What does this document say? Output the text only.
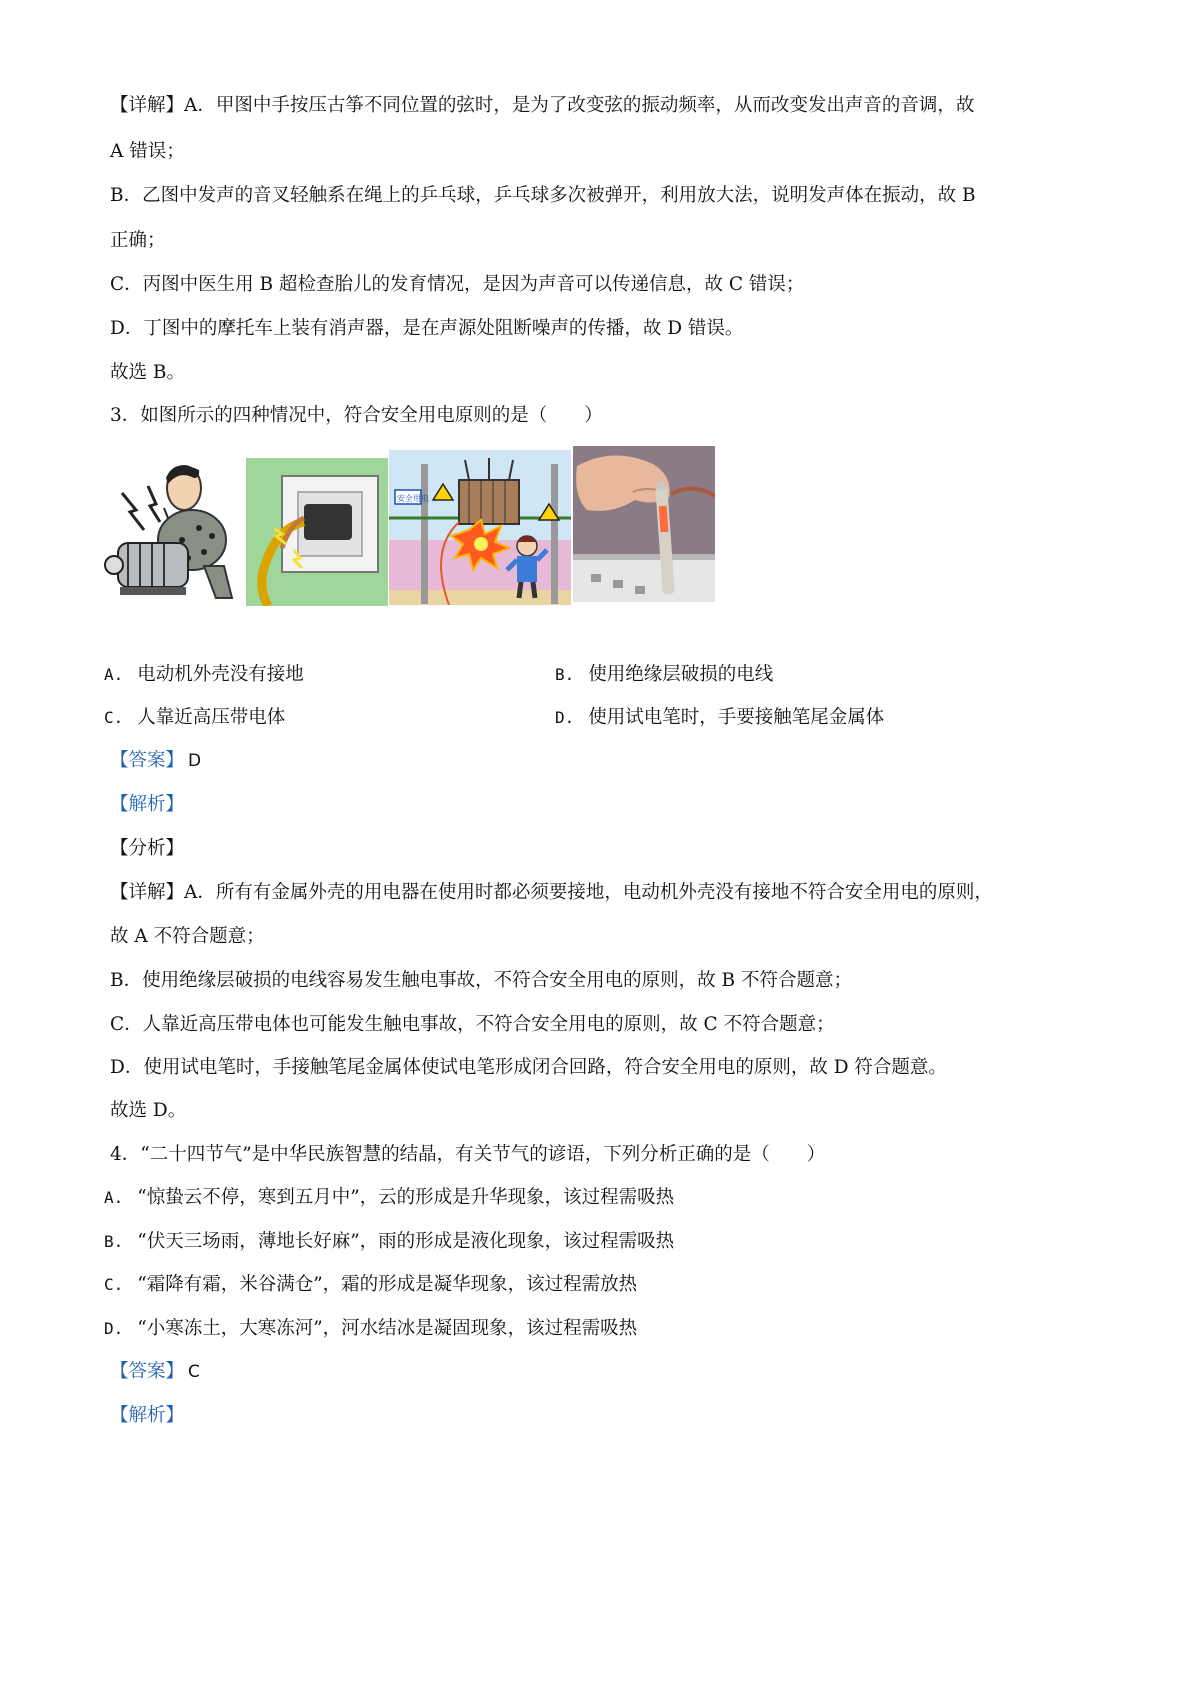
【详解】A．甲图中手按压古筝不同位置的弦时，是为了改变弦的振动频率，从而改变发出声音的音调，故
A 错误；
B．乙图中发声的音叉轻触系在绳上的乒乓球，乒乓球多次被弹开，利用放大法，说明发声体在振动，故 B
正确；
C．丙图中医生用 B 超检查胎儿的发育情况，是因为声音可以传递信息，故 C 错误；
D．丁图中的摩托车上装有消声器，是在声源处阻断噪声的传播，故 D 错误。
故选 B。
3．如图所示的四种情况中，符合安全用电原则的是（　　）
安全用电
A. 电动机外壳没有接地	B. 使用绝缘层破损的电线
C. 人靠近高压带电体	D. 使用试电笔时，手要接触笔尾金属体
【答案】 D
【解析】
【分析】
【详解】A．所有有金属外壳的用电器在使用时都必须要接地，电动机外壳没有接地不符合安全用电的原则，
故 A 不符合题意；
B．使用绝缘层破损的电线容易发生触电事故，不符合安全用电的原则，故 B 不符合题意；
C．人靠近高压带电体也可能发生触电事故，不符合安全用电的原则，故 C 不符合题意；
D．使用试电笔时，手接触笔尾金属体使试电笔形成闭合回路，符合安全用电的原则，故 D 符合题意。
故选 D。
4．“二十四节气”是中华民族智慧的结晶，有关节气的谚语，下列分析正确的是（　　）
A. “惊蛰云不停，寒到五月中”，云的形成是升华现象，该过程需吸热
B. “伏天三场雨，薄地长好麻”，雨的形成是液化现象，该过程需吸热
C. “霜降有霜，米谷满仓”，霜的形成是凝华现象，该过程需放热
D. “小寒冻土，大寒冻河”，河水结冰是凝固现象，该过程需吸热
【答案】 C
【解析】
